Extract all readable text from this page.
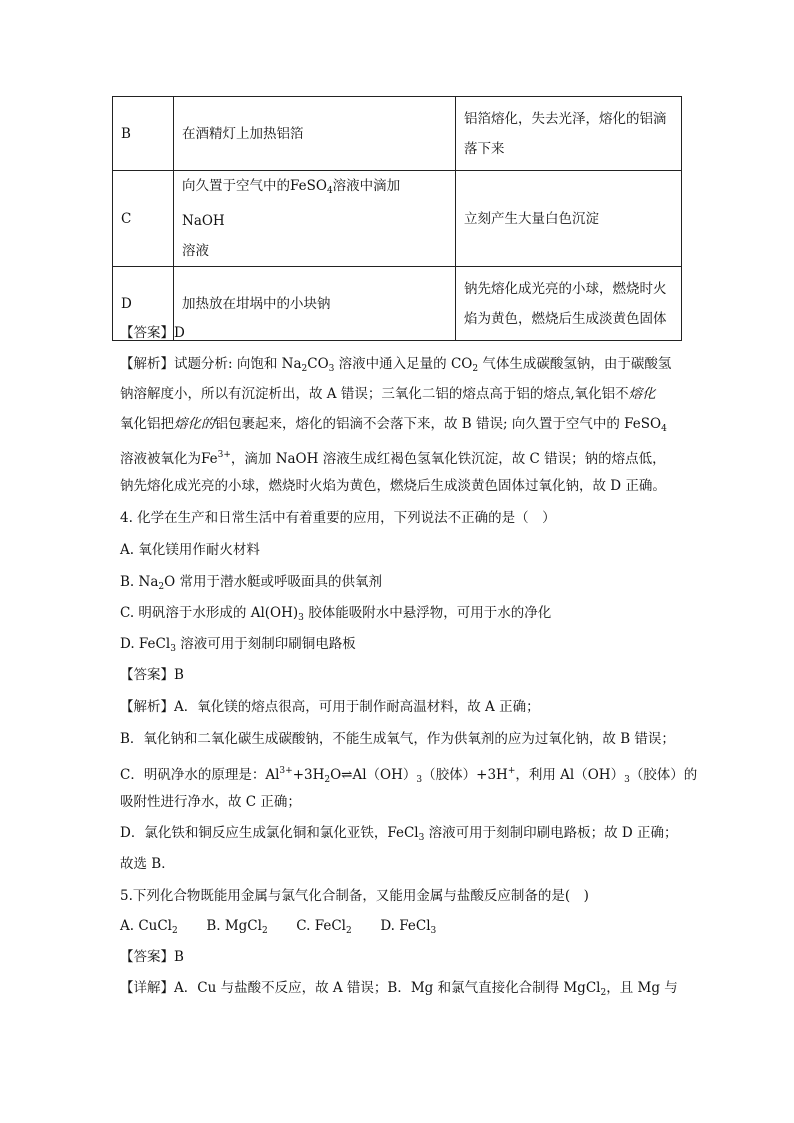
B	在酒精灯上加热铝箔	铝箔熔化，失去光泽，熔化的铝滴
落下来

C	向久置于空气中的FeSO$_4$溶液中滴加 NaOH
溶液	立刻产生大量白色沉淀
D	加热放在坩埚中的小块钠	钠先熔化成光亮的小球，燃烧时火
焰为黄色，燃烧后生成淡黄色固体
【答案】D
【解析】试题分析: 向饱和 $Na_2CO_3$ 溶液中通入足量的 $CO_2$ 气体生成碳酸氢钠，由于碳酸氢
钠溶解度小，所以有沉淀析出，故 A 错误；三氧化二铝的熔点高于铝的熔点,氧化铝不熔化
氧化铝把熔化的铝包裹起来，熔化的铝滴不会落下来，故 B 错误; 向久置于空气中的 FeSO$_4$
溶液被氧化为$Fe^{3+}$，滴加 NaOH 溶液生成红褐色氢氧化铁沉淀，故 C 错误；钠的熔点低，
钠先熔化成光亮的小球，燃烧时火焰为黄色，燃烧后生成淡黄色固体过氧化钠，故 D 正确。
4. 化学在生产和日常生活中有着重要的应用，下列说法不正确的是（　）
A. 氧化镁用作耐火材料
B. $Na_2O$ 常用于潜水艇或呼吸面具的供氧剂
C. 明矾溶于水形成的 $Al(OH)_3$ 胶体能吸附水中悬浮物，可用于水的净化
D. FeCl$_3$ 溶液可用于刻制印刷铜电路板
【答案】B
【解析】A．氧化镁的熔点很高，可用于制作耐高温材料，故 A 正确；
B．氧化钠和二氧化碳生成碳酸钠，不能生成氧气，作为供氧剂的应为过氧化钠，故 B 错误；
C．明矾净水的原理是：$Al^{3+}+3H_2O\rightleftharpoons Al(OH)_3$（胶体）+3H+，利用 $Al(OH)_3$（胶体）的
吸附性进行净水，故 C 正确；
D．氯化铁和铜反应生成氯化铜和氯化亚铁，FeCl$_3$ 溶液可用于刻制印刷电路板；故 D 正确；
故选 B．
5.下列化合物既能用金属与氯气化合制备，又能用金属与盐酸反应制备的是(　)
A. CuCl$_2$ B. MgCl$_2$ C. FeCl$_2$ D. FeCl$_3$
【答案】B
【详解】A．Cu 与盐酸不反应，故 A 错误；B．Mg 和氯气直接化合制得 MgCl$_2$，且 Mg 与
